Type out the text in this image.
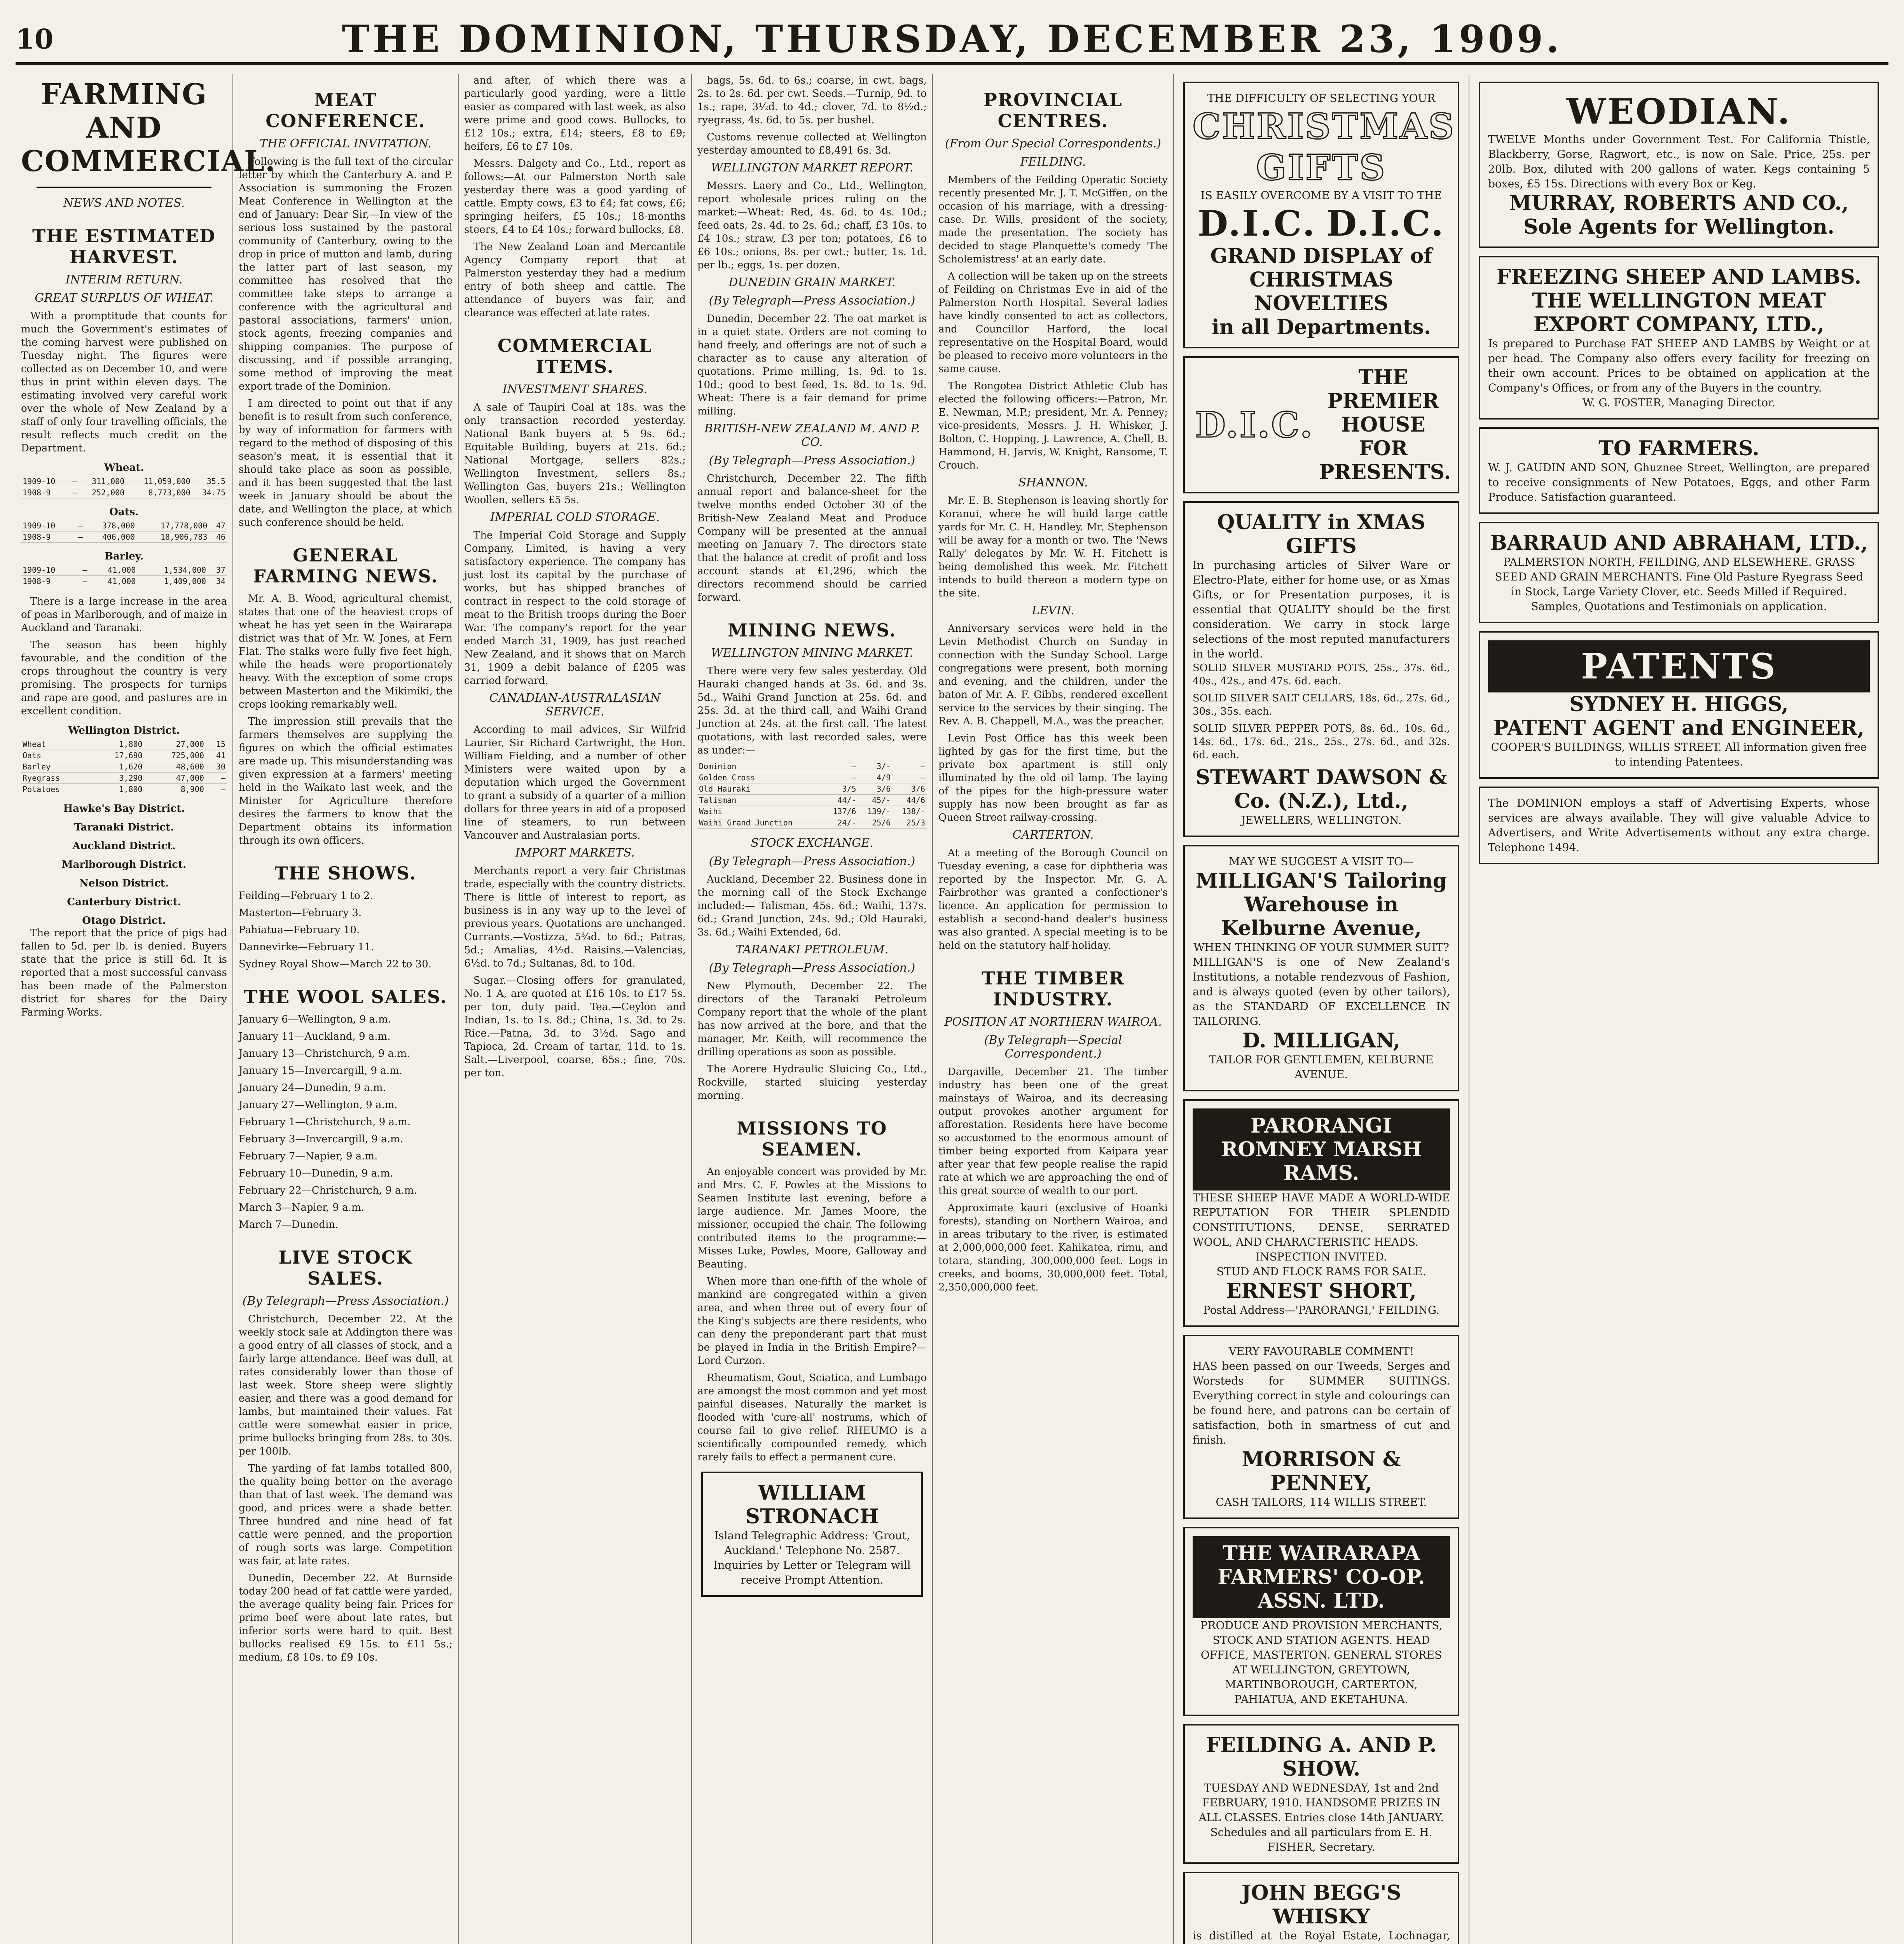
10	THE DOMINION, THURSDAY, DECEMBER 23, 1909.
FARMING AND COMMERCIAL.
NEWS AND NOTES.
THE ESTIMATED HARVEST.
INTERIM RETURN.
GREAT SURPLUS OF WHEAT.

With a promptitude that counts for much the Government's estimates of the coming harvest were published on Tuesday night. The figures were collected as on December 10, and were thus in print within eleven days. The estimating involved very careful work over the whole of New Zealand by a staff of only four travelling officials, the result reflects much credit on the Department.

Wheat.
1909-10	—	311,000	11,059,000	35.5
1908-9	—	252,000	8,773,000	34.75
Oats.
1909-10	—	378,000	17,778,000	47
1908-9	—	406,000	18,906,783	46
Barley.
1909-10	—	41,000	1,534,000	37
1908-9	—	41,000	1,409,000	34

There is a large increase in the area of peas in Marlborough, and of maize in Auckland and Taranaki.

The season has been highly favourable, and the condition of the crops throughout the country is very promising. The prospects for turnips and rape are good, and pastures are in excellent condition.

Wellington District.
Wheat	1,800	27,000	15
Oats	17,690	725,000	41
Barley	1,620	48,600	30
Ryegrass	3,290	47,000	—
Potatoes	1,800	8,900	—
Hawke's Bay District.
Taranaki District.
Auckland District.
Marlborough District.
Nelson District.
Canterbury District.
Otago District.

The report that the price of pigs had fallen to 5d. per lb. is denied. Buyers state that the price is still 6d. It is reported that a most successful canvass has been made of the Palmerston district for shares for the Dairy Farming Works.

MEAT CONFERENCE.
THE OFFICIAL INVITATION.

Following is the full text of the circular letter by which the Canterbury A. and P. Association is summoning the Frozen Meat Conference in Wellington at the end of January: Dear Sir,—In view of the serious loss sustained by the pastoral community of Canterbury, owing to the drop in price of mutton and lamb, during the latter part of last season, my committee has resolved that the committee take steps to arrange a conference with the agricultural and pastoral associations, farmers' union, stock agents, freezing companies and shipping companies. The purpose of discussing, and if possible arranging, some method of improving the meat export trade of the Dominion.

I am directed to point out that if any benefit is to result from such conference, by way of information for farmers with regard to the method of disposing of this season's meat, it is essential that it should take place as soon as possible, and it has been suggested that the last week in January should be about the date, and Wellington the place, at which such conference should be held.

GENERAL FARMING NEWS.

Mr. A. B. Wood, agricultural chemist, states that one of the heaviest crops of wheat he has yet seen in the Wairarapa district was that of Mr. W. Jones, at Fern Flat. The stalks were fully five feet high, while the heads were proportionately heavy. With the exception of some crops between Masterton and the Mikimiki, the crops looking remarkably well.

The impression still prevails that the farmers themselves are supplying the figures on which the official estimates are made up. This misunderstanding was given expression at a farmers' meeting held in the Waikato last week, and the Minister for Agriculture therefore desires the farmers to know that the Department obtains its information through its own officers.

THE SHOWS.

Feilding—February 1 to 2.

Masterton—February 3.

Pahiatua—February 10.

Dannevirke—February 11.

Sydney Royal Show—March 22 to 30.

THE WOOL SALES.

January 6—Wellington, 9 a.m.

January 11—Auckland, 9 a.m.

January 13—Christchurch, 9 a.m.

January 15—Invercargill, 9 a.m.

January 24—Dunedin, 9 a.m.

January 27—Wellington, 9 a.m.

February 1—Christchurch, 9 a.m.

February 3—Invercargill, 9 a.m.

February 7—Napier, 9 a.m.

February 10—Dunedin, 9 a.m.

February 22—Christchurch, 9 a.m.

March 3—Napier, 9 a.m.

March 7—Dunedin.

LIVE STOCK SALES.
(By Telegraph—Press Association.)

Christchurch, December 22. At the weekly stock sale at Addington there was a good entry of all classes of stock, and a fairly large attendance. Beef was dull, at rates considerably lower than those of last week. Store sheep were slightly easier, and there was a good demand for lambs, but maintained their values. Fat cattle were somewhat easier in price, prime bullocks bringing from 28s. to 30s. per 100lb.

The yarding of fat lambs totalled 800, the quality being better on the average than that of last week. The demand was good, and prices were a shade better. Three hundred and nine head of fat cattle were penned, and the proportion of rough sorts was large. Competition was fair, at late rates.

Dunedin, December 22. At Burnside today 200 head of fat cattle were yarded, the average quality being fair. Prices for prime beef were about late rates, but inferior sorts were hard to quit. Best bullocks realised £9 15s. to £11 5s.; medium, £8 10s. to £9 10s.

and after, of which there was a particularly good yarding, were a little easier as compared with last week, as also were prime and good cows. Bullocks, to £12 10s.; extra, £14; steers, £8 to £9; heifers, £6 to £7 10s.

Messrs. Dalgety and Co., Ltd., report as follows:—At our Palmerston North sale yesterday there was a good yarding of cattle. Empty cows, £3 to £4; fat cows, £6; springing heifers, £5 10s.; 18-months steers, £4 to £4 10s.; forward bullocks, £8.

The New Zealand Loan and Mercantile Agency Company report that at Palmerston yesterday they had a medium entry of both sheep and cattle. The attendance of buyers was fair, and clearance was effected at late rates.

COMMERCIAL ITEMS.
INVESTMENT SHARES.

A sale of Taupiri Coal at 18s. was the only transaction recorded yesterday. National Bank buyers at 5 9s. 6d.; Equitable Building, buyers at 21s. 6d.; National Mortgage, sellers 82s.; Wellington Investment, sellers 8s.; Wellington Gas, buyers 21s.; Wellington Woollen, sellers £5 5s.

IMPERIAL COLD STORAGE.

The Imperial Cold Storage and Supply Company, Limited, is having a very satisfactory experience. The company has just lost its capital by the purchase of works, but has shipped branches of contract in respect to the cold storage of meat to the British troops during the Boer War. The company's report for the year ended March 31, 1909, has just reached New Zealand, and it shows that on March 31, 1909 a debit balance of £205 was carried forward.

CANADIAN-AUSTRALASIAN SERVICE.

According to mail advices, Sir Wilfrid Laurier, Sir Richard Cartwright, the Hon. William Fielding, and a number of other Ministers were waited upon by a deputation which urged the Government to grant a subsidy of a quarter of a million dollars for three years in aid of a proposed line of steamers, to run between Vancouver and Australasian ports.

IMPORT MARKETS.

Merchants report a very fair Christmas trade, especially with the country districts. There is little of interest to report, as business is in any way up to the level of previous years. Quotations are unchanged. Currants.—Vostizza, 5¾d. to 6d.; Patras, 5d.; Amalias, 4½d. Raisins.—Valencias, 6½d. to 7d.; Sultanas, 8d. to 10d.

Sugar.—Closing offers for granulated, No. 1 A, are quoted at £16 10s. to £17 5s. per ton, duty paid. Tea.—Ceylon and Indian, 1s. to 1s. 8d.; China, 1s. 3d. to 2s. Rice.—Patna, 3d. to 3½d. Sago and Tapioca, 2d. Cream of tartar, 11d. to 1s. Salt.—Liverpool, coarse, 65s.; fine, 70s. per ton.

bags, 5s. 6d. to 6s.; coarse, in cwt. bags, 2s. to 2s. 6d. per cwt. Seeds.—Turnip, 9d. to 1s.; rape, 3½d. to 4d.; clover, 7d. to 8½d.; ryegrass, 4s. 6d. to 5s. per bushel.

Customs revenue collected at Wellington yesterday amounted to £8,491 6s. 3d.

WELLINGTON MARKET REPORT.

Messrs. Laery and Co., Ltd., Wellington, report wholesale prices ruling on the market:—Wheat: Red, 4s. 6d. to 4s. 10d.; feed oats, 2s. 4d. to 2s. 6d.; chaff, £3 10s. to £4 10s.; straw, £3 per ton; potatoes, £6 to £6 10s.; onions, 8s. per cwt.; butter, 1s. 1d. per lb.; eggs, 1s. per dozen.

DUNEDIN GRAIN MARKET.
(By Telegraph—Press Association.)

Dunedin, December 22. The oat market is in a quiet state. Orders are not coming to hand freely, and offerings are not of such a character as to cause any alteration of quotations. Prime milling, 1s. 9d. to 1s. 10d.; good to best feed, 1s. 8d. to 1s. 9d. Wheat: There is a fair demand for prime milling.

BRITISH-NEW ZEALAND M. AND P. CO.
(By Telegraph—Press Association.)

Christchurch, December 22. The fifth annual report and balance-sheet for the twelve months ended October 30 of the British-New Zealand Meat and Produce Company will be presented at the annual meeting on January 7. The directors state that the balance at credit of profit and loss account stands at £1,296, which the directors recommend should be carried forward.

MINING NEWS.
WELLINGTON MINING MARKET.

There were very few sales yesterday. Old Hauraki changed hands at 3s. 6d. and 3s. 5d., Waihi Grand Junction at 25s. 6d. and 25s. 3d. at the third call, and Waihi Grand Junction at 24s. at the first call. The latest quotations, with last recorded sales, were as under:—

Dominion	—	3/-	—
Golden Cross	—	4/9	—
Old Hauraki	3/5	3/6	3/6
Talisman	44/-	45/-	44/6
Waihi	137/6	139/-	138/-
Waihi Grand Junction	24/-	25/6	25/3
STOCK EXCHANGE.
(By Telegraph—Press Association.)

Auckland, December 22. Business done in the morning call of the Stock Exchange included:— Talisman, 45s. 6d.; Waihi, 137s. 6d.; Grand Junction, 24s. 9d.; Old Hauraki, 3s. 6d.; Waihi Extended, 6d.

TARANAKI PETROLEUM.
(By Telegraph—Press Association.)

New Plymouth, December 22. The directors of the Taranaki Petroleum Company report that the whole of the plant has now arrived at the bore, and that the manager, Mr. Keith, will recommence the drilling operations as soon as possible.

The Aorere Hydraulic Sluicing Co., Ltd., Rockville, started sluicing yesterday morning.

MISSIONS TO SEAMEN.

An enjoyable concert was provided by Mr. and Mrs. C. F. Powles at the Missions to Seamen Institute last evening, before a large audience. Mr. James Moore, the missioner, occupied the chair. The following contributed items to the programme:—Misses Luke, Powles, Moore, Galloway and Beauting.

When more than one-fifth of the whole of mankind are congregated within a given area, and when three out of every four of the King's subjects are there residents, who can deny the preponderant part that must be played in India in the British Empire?—Lord Curzon.

Rheumatism, Gout, Sciatica, and Lumbago are amongst the most common and yet most painful diseases. Naturally the market is flooded with 'cure-all' nostrums, which of course fail to give relief. RHEUMO is a scientifically compounded remedy, which rarely fails to effect a permanent cure.

WILLIAM STRONACH
Island Telegraphic Address: 'Grout, Auckland.' Telephone No. 2587. Inquiries by Letter or Telegram will receive Prompt Attention.
PROVINCIAL CENTRES.
(From Our Special Correspondents.)
FEILDING.

Members of the Feilding Operatic Society recently presented Mr. J. T. McGiffen, on the occasion of his marriage, with a dressing-case. Dr. Wills, president of the society, made the presentation. The society has decided to stage Planquette's comedy 'The Scholemistress' at an early date.

A collection will be taken up on the streets of Feilding on Christmas Eve in aid of the Palmerston North Hospital. Several ladies have kindly consented to act as collectors, and Councillor Harford, the local representative on the Hospital Board, would be pleased to receive more volunteers in the same cause.

The Rongotea District Athletic Club has elected the following officers:—Patron, Mr. E. Newman, M.P.; president, Mr. A. Penney; vice-presidents, Messrs. J. H. Whisker, J. Bolton, C. Hopping, J. Lawrence, A. Chell, B. Hammond, H. Jarvis, W. Knight, Ransome, T. Crouch.

SHANNON.

Mr. E. B. Stephenson is leaving shortly for Koranui, where he will build large cattle yards for Mr. C. H. Handley. Mr. Stephenson will be away for a month or two. The 'News Rally' delegates by Mr. W. H. Fitchett is being demolished this week. Mr. Fitchett intends to build thereon a modern type on the site.

LEVIN.

Anniversary services were held in the Levin Methodist Church on Sunday in connection with the Sunday School. Large congregations were present, both morning and evening, and the children, under the baton of Mr. A. F. Gibbs, rendered excellent service to the services by their singing. The Rev. A. B. Chappell, M.A., was the preacher.

Levin Post Office has this week been lighted by gas for the first time, but the private box apartment is still only illuminated by the old oil lamp. The laying of the pipes for the high-pressure water supply has now been brought as far as Queen Street railway-crossing.

CARTERTON.

At a meeting of the Borough Council on Tuesday evening, a case for diphtheria was reported by the Inspector. Mr. G. A. Fairbrother was granted a confectioner's licence. An application for permission to establish a second-hand dealer's business was also granted. A special meeting is to be held on the statutory half-holiday.

THE TIMBER INDUSTRY.
POSITION AT NORTHERN WAIROA.
(By Telegraph—Special Correspondent.)

Dargaville, December 21. The timber industry has been one of the great mainstays of Wairoa, and its decreasing output provokes another argument for afforestation. Residents here have become so accustomed to the enormous amount of timber being exported from Kaipara year after year that few people realise the rapid rate at which we are approaching the end of this great source of wealth to our port.

Approximate kauri (exclusive of Hoanki forests), standing on Northern Wairoa, and in areas tributary to the river, is estimated at 2,000,000,000 feet. Kahikatea, rimu, and totara, standing, 300,000,000 feet. Logs in creeks, and booms, 30,000,000 feet. Total, 2,350,000,000 feet.

THE DIFFICULTY OF SELECTING YOUR
CHRISTMAS GIFTS
IS EASILY OVERCOME BY A VISIT TO THE
D.I.C. D.I.C.
GRAND DISPLAY of CHRISTMAS NOVELTIES
in all Departments.
D.I.C.
THE PREMIER HOUSE FOR PRESENTS.
QUALITY in XMAS GIFTS
In purchasing articles of Silver Ware or Electro-Plate, either for home use, or as Xmas Gifts, or for Presentation purposes, it is essential that QUALITY should be the first consideration. We carry in stock large selections of the most reputed manufacturers in the world.

SOLID SILVER MUSTARD POTS, 25s., 37s. 6d., 40s., 42s., and 47s. 6d. each.

SOLID SILVER SALT CELLARS, 18s. 6d., 27s. 6d., 30s., 35s. each.

SOLID SILVER PEPPER POTS, 8s. 6d., 10s. 6d., 14s. 6d., 17s. 6d., 21s., 25s., 27s. 6d., and 32s. 6d. each.

STEWART DAWSON & Co. (N.Z.), Ltd.,
JEWELLERS, WELLINGTON.
MAY WE SUGGEST A VISIT TO—
MILLIGAN'S Tailoring Warehouse in Kelburne Avenue,
WHEN THINKING OF YOUR SUMMER SUIT?
MILLIGAN'S is one of New Zealand's Institutions, a notable rendezvous of Fashion, and is always quoted (even by other tailors), as the STANDARD OF EXCELLENCE IN TAILORING.
D. MILLIGAN,
TAILOR FOR GENTLEMEN, KELBURNE AVENUE.
PARORANGI ROMNEY MARSH RAMS.
THESE SHEEP HAVE MADE A WORLD-WIDE REPUTATION FOR THEIR SPLENDID CONSTITUTIONS, DENSE, SERRATED WOOL, AND CHARACTERISTIC HEADS.
INSPECTION INVITED.
STUD AND FLOCK RAMS FOR SALE.
ERNEST SHORT,
Postal Address—'PARORANGI,' FEILDING.
VERY FAVOURABLE COMMENT!
HAS been passed on our Tweeds, Serges and Worsteds for SUMMER SUITINGS. Everything correct in style and colourings can be found here, and patrons can be certain of satisfaction, both in smartness of cut and finish.
MORRISON & PENNEY,
CASH TAILORS, 114 WILLIS STREET.
THE WAIRARAPA FARMERS' CO-OP. ASSN. LTD.
PRODUCE AND PROVISION MERCHANTS, STOCK AND STATION AGENTS. HEAD OFFICE, MASTERTON. GENERAL STORES AT WELLINGTON, GREYTOWN, MARTINBOROUGH, CARTERTON, PAHIATUA, AND EKETAHUNA.
FEILDING A. AND P. SHOW.
TUESDAY AND WEDNESDAY, 1st and 2nd FEBRUARY, 1910. HANDSOME PRIZES IN ALL CLASSES. Entries close 14th JANUARY. Schedules and all particulars from E. H. FISHER, Secretary.
JOHN BEGG'S WHISKY
is distilled at the Royal Estate, Lochnagar,
WEODIAN.
TWELVE Months under Government Test. For California Thistle, Blackberry, Gorse, Ragwort, etc., is now on Sale. Price, 25s. per 20lb. Box, diluted with 200 gallons of water. Kegs containing 5 boxes, £5 15s. Directions with every Box or Keg.
MURRAY, ROBERTS AND CO., Sole Agents for Wellington.
FREEZING SHEEP AND LAMBS.
THE WELLINGTON MEAT EXPORT COMPANY, LTD.,
Is prepared to Purchase FAT SHEEP AND LAMBS by Weight or at per head. The Company also offers every facility for freezing on their own account. Prices to be obtained on application at the Company's Offices, or from any of the Buyers in the country.
W. G. FOSTER, Managing Director.
TO FARMERS.
W. J. GAUDIN AND SON, Ghuznee Street, Wellington, are prepared to receive consignments of New Potatoes, Eggs, and other Farm Produce. Satisfaction guaranteed.
BARRAUD AND ABRAHAM, LTD.,
PALMERSTON NORTH, FEILDING, AND ELSEWHERE. GRASS SEED AND GRAIN MERCHANTS. Fine Old Pasture Ryegrass Seed in Stock, Large Variety Clover, etc. Seeds Milled if Required. Samples, Quotations and Testimonials on application.
PATENTS
SYDNEY H. HIGGS,
PATENT AGENT and ENGINEER,
COOPER'S BUILDINGS, WILLIS STREET. All information given free to intending Patentees.
The DOMINION employs a staff of Advertising Experts, whose services are always available. They will give valuable Advice to Advertisers, and Write Advertisements without any extra charge. Telephone 1494.
